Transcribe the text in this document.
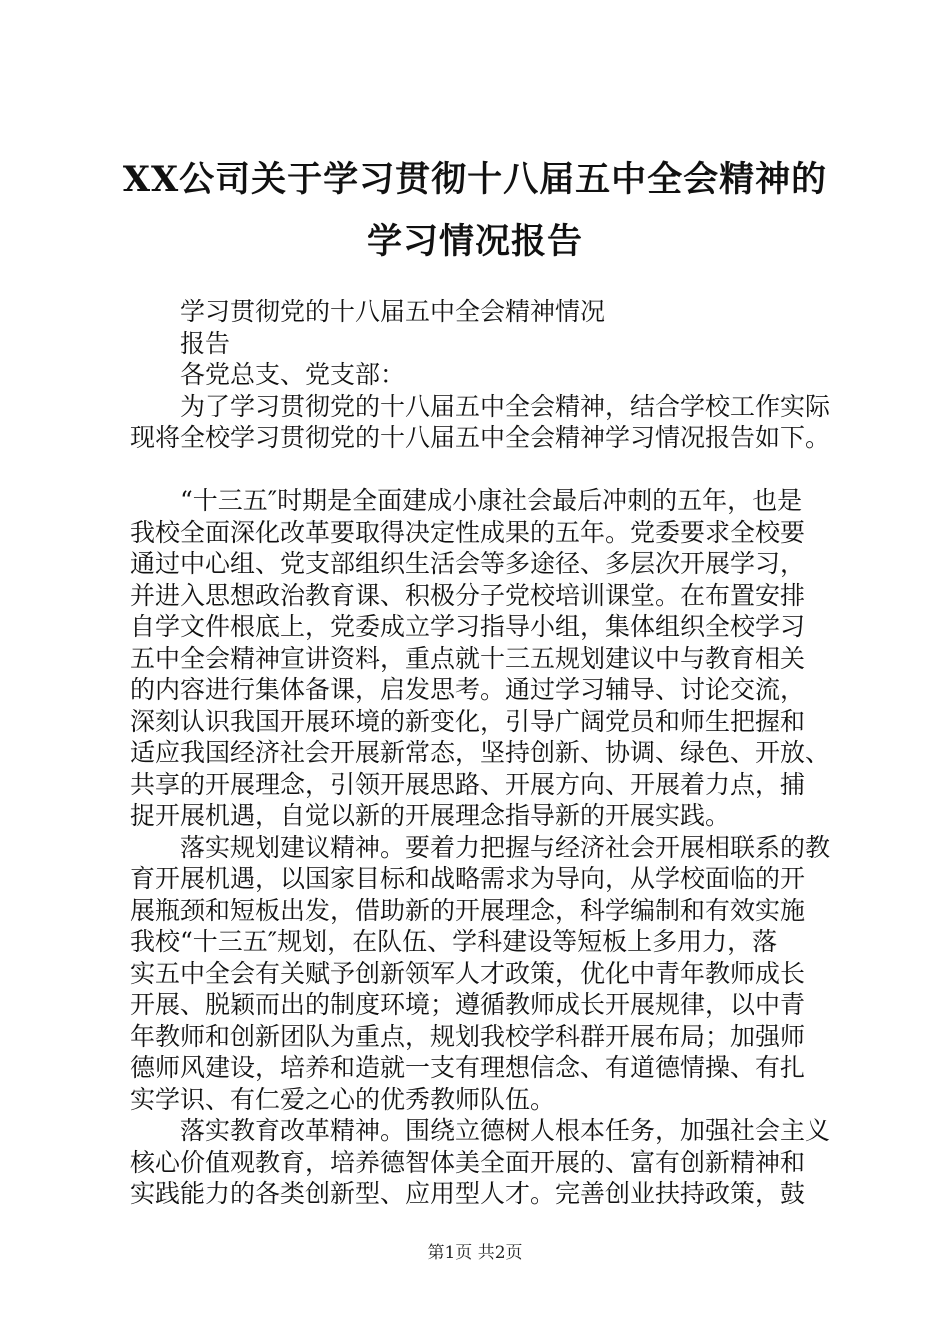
XX公司关于学习贯彻十八届五中全会精神的
学习情况报告
学习贯彻党的十八届五中全会精神情况
报告
各党总支、党支部：
为了学习贯彻党的十八届五中全会精神，结合学校工作实际
现将全校学习贯彻党的十八届五中全会精神学习情况报告如下。
“十三五″时期是全面建成小康社会最后冲刺的五年，也是
我校全面深化改革要取得决定性成果的五年。党委要求全校要
通过中心组、党支部组织生活会等多途径、多层次开展学习，
并进入思想政治教育课、积极分子党校培训课堂。在布置安排
自学文件根底上，党委成立学习指导小组，集体组织全校学习
五中全会精神宣讲资料，重点就十三五规划建议中与教育相关
的内容进行集体备课，启发思考。通过学习辅导、讨论交流，
深刻认识我国开展环境的新变化，引导广阔党员和师生把握和
适应我国经济社会开展新常态，坚持创新、协调、绿色、开放、
共享的开展理念，引领开展思路、开展方向、开展着力点，捕
捉开展机遇，自觉以新的开展理念指导新的开展实践。
落实规划建议精神。要着力把握与经济社会开展相联系的教
育开展机遇，以国家目标和战略需求为导向，从学校面临的开
展瓶颈和短板出发，借助新的开展理念，科学编制和有效实施
我校“十三五″规划，在队伍、学科建设等短板上多用力，落
实五中全会有关赋予创新领军人才政策，优化中青年教师成长
开展、脱颖而出的制度环境；遵循教师成长开展规律，以中青
年教师和创新团队为重点，规划我校学科群开展布局；加强师
德师风建设，培养和造就一支有理想信念、有道德情操、有扎
实学识、有仁爱之心的优秀教师队伍。
落实教育改革精神。围绕立德树人根本任务，加强社会主义
核心价值观教育，培养德智体美全面开展的、富有创新精神和
实践能力的各类创新型、应用型人才。完善创业扶持政策，鼓
第1页 共2页
